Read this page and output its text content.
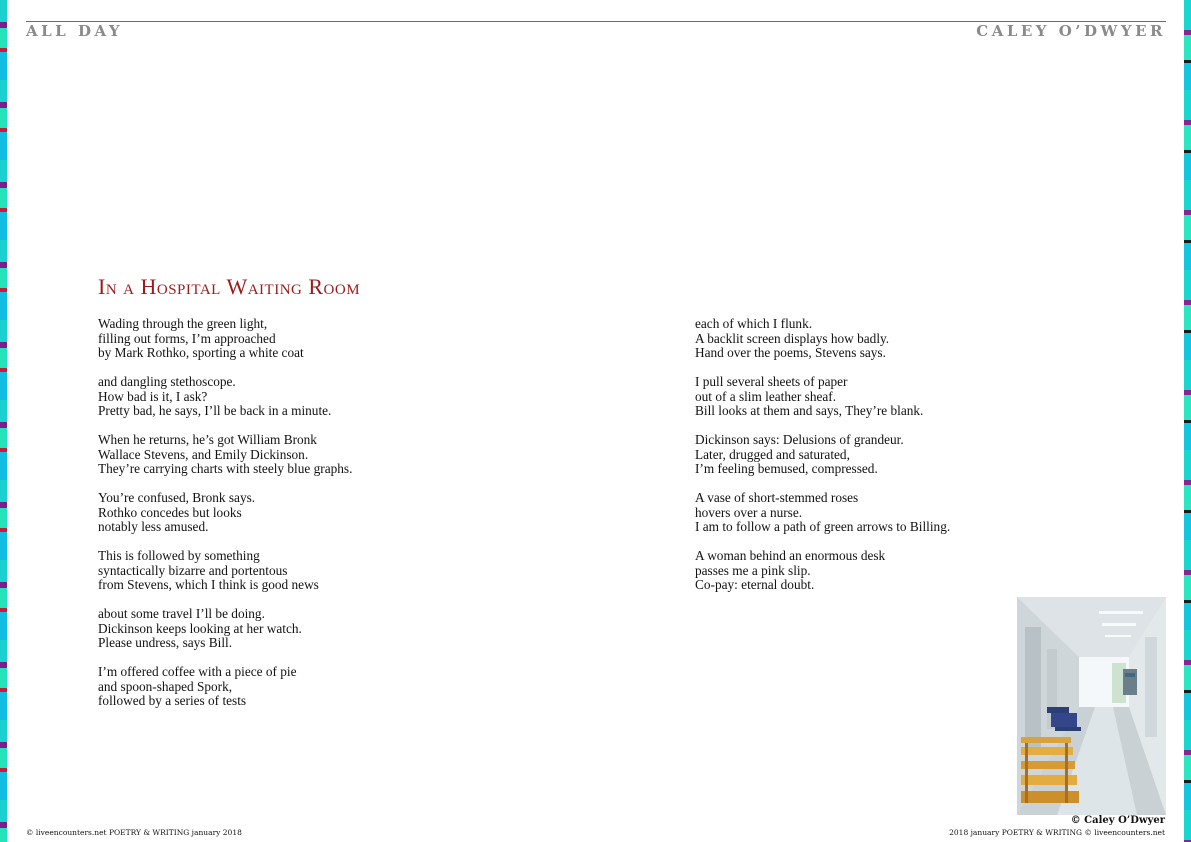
ALL DAY	CALEY O’DWYER
In a Hospital Waiting Room
Wading through the green light,
filling out forms, I’m approached
by Mark Rothko, sporting a white coat
and dangling stethoscope.
How bad is it, I ask?
Pretty bad, he says, I’ll be back in a minute.
When he returns, he’s got William Bronk
Wallace Stevens, and Emily Dickinson.
They’re carrying charts with steely blue graphs.
You’re confused, Bronk says.
Rothko concedes but looks
notably less amused.
This is followed by something
syntactically bizarre and portentous
from Stevens, which I think is good news
about some travel I’ll be doing.
Dickinson keeps looking at her watch.
Please undress, says Bill.
I’m offered coffee with a piece of pie
and spoon-shaped Spork,
followed by a series of tests
each of which I flunk.
A backlit screen displays how badly.
Hand over the poems, Stevens says.
I pull several sheets of paper
out of a slim leather sheaf.
Bill looks at them and says, They’re blank.
Dickinson says: Delusions of grandeur.
Later, drugged and saturated,
I’m feeling bemused, compressed.
A vase of short-stemmed roses
hovers over a nurse.
I am to follow a path of green arrows to Billing.
A woman behind an enormous desk
passes me a pink slip.
Co-pay: eternal doubt.
© Caley O’Dwyer
© liveencounters.net POETRY & WRITING january 2018	2018 january POETRY & WRITING © liveencounters.net
